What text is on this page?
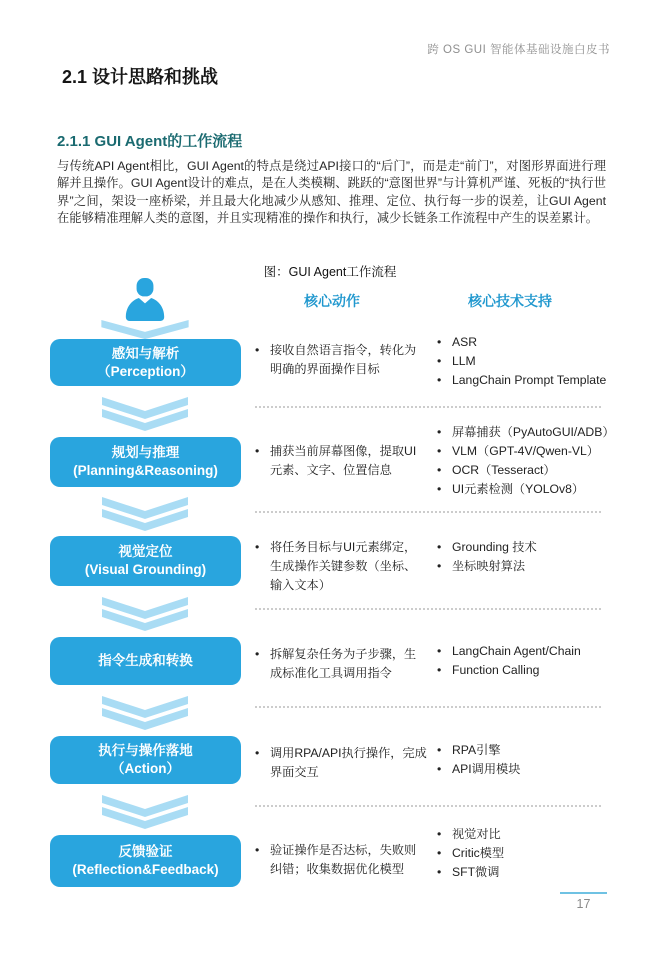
跨 OS GUI 智能体基础设施白皮书
2.1 设计思路和挑战
2.1.1 GUI Agent的工作流程

与传统API Agent相比，GUI Agent的特点是绕过API接口的“后门”，而是走“前门”，对图形界面进行理解并且操作。GUI Agent设计的难点，是在人类模糊、跳跃的“意图世界”与计算机严谨、死板的“执行世界”之间，架设一座桥梁，并且最大化地减少从感知、推理、定位、执行每一步的误差，让GUI Agent在能够精准理解人类的意图，并且实现精准的操作和执行，减少长链条工作流程中产生的误差累计。

图：GUI Agent工作流程
核心动作	核心技术支持
感知与解析
（Perception）
规划与推理
(Planning&Reasoning)
视觉定位
(Visual Grounding)
指令生成和转换
执行与操作落地
（Action）
反馈验证
(Reflection&Feedback)
• 接收自然语言指令，转化为明确的界面操作目标
• 捕获当前屏幕图像，提取UI元素、文字、位置信息
• 将任务目标与UI元素绑定，生成操作关键参数（坐标、输入文本）
• 拆解复杂任务为子步骤，生成标准化工具调用指令
• 调用RPA/API执行操作，完成界面交互
• 验证操作是否达标，失败则纠错；收集数据优化模型
• ASR
• LLM
• LangChain Prompt Template
• 屏幕捕获（PyAutoGUI/ADB）
• VLM（GPT-4V/Qwen-VL）
• OCR（Tesseract）
• UI元素检测（YOLOv8）
• Grounding 技术
• 坐标映射算法
• LangChain Agent/Chain
• Function Calling
• RPA引擎
• API调用模块
• 视觉对比
• Critic模型
• SFT微调
17
